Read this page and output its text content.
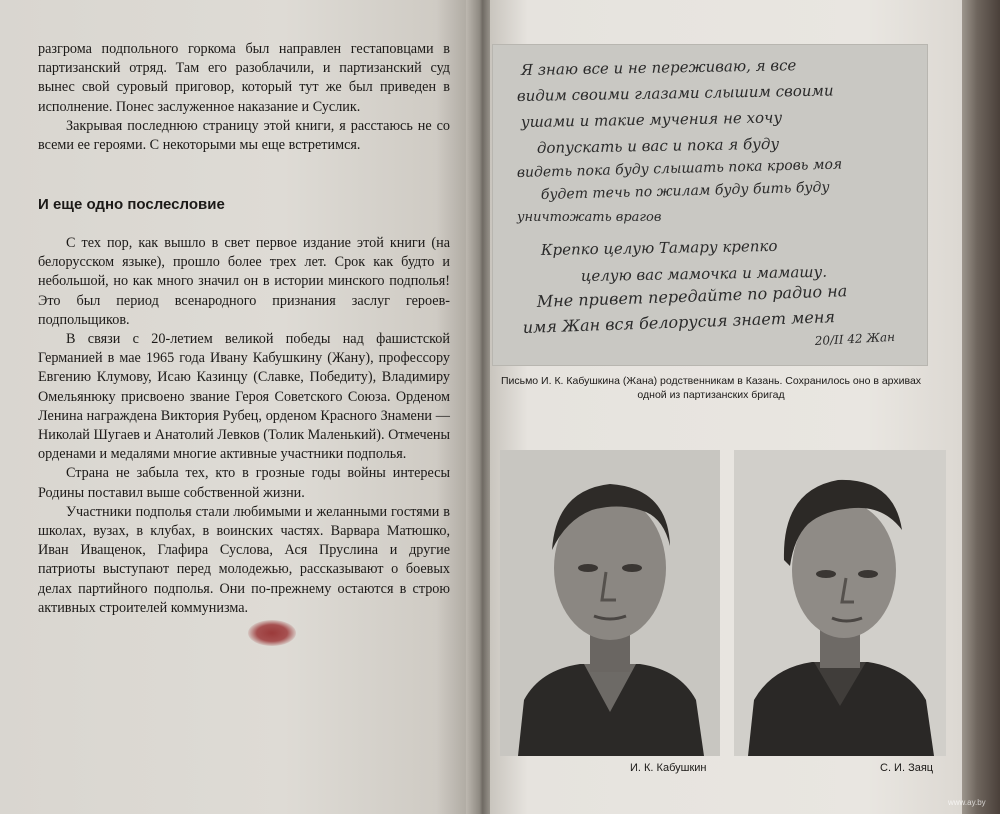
разгрома подпольного горкома был направлен гестаповцами в партизанский отряд. Там его разоблачили, и партизанский суд вынес свой суровый приговор, который тут же был приведен в исполнение. Понес заслуженное наказание и Суслик.

Закрывая последнюю страницу этой книги, я расстаюсь не со всеми ее героями. С некоторыми мы еще встретимся.

И еще одно послесловие

С тех пор, как вышло в свет первое издание этой книги (на белорусском языке), прошло более трех лет. Срок как будто и небольшой, но как много значил он в истории минского подполья! Это был период всенародного признания заслуг героев-подпольщиков.

В связи с 20-летием великой победы над фашистской Германией в мае 1965 года Ивану Кабушкину (Жану), профессору Евгению Клумову, Исаю Казинцу (Славке, Победиту), Владимиру Омельянюку присвоено звание Героя Советского Союза. Орденом Ленина награждена Виктория Рубец, орденом Красного Знамени — Николай Шугаев и Анатолий Левков (Толик Маленький). Отмечены орденами и медалями многие активные участники подполья.

Страна не забыла тех, кто в грозные годы войны интересы Родины поставил выше собственной жизни.

Участники подполья стали любимыми и желанными гостями в школах, вузах, в клубах, в воинских частях. Варвара Матюшко, Иван Иващенок, Глафира Суслова, Ася Пруслина и другие патриоты выступают перед молодежью, рассказывают о боевых делах партийного подполья. Они по-прежнему остаются в строю активных строителей коммунизма.

Я знаю все и не переживаю, я все
видим своими глазами слышим своими
ушами и такие мучения не хочу
допускать и вас и пока я буду
видеть пока буду слышать пока кровь моя
будет течь по жилам буду бить буду
уничтожать врагов
Крепко целую Тамару крепко
целую вас мамочка и мамашу.
Мне привет передайте по радио на
имя Жан вся белорусия знает меня
20/II 42 Жан
Письмо И. К. Кабушкина (Жана) родственникам в Казань. Сохранилось оно в архивах одной из партизанских бригад
И. К. Кабушкин	С. И. Заяц
www.ay.by
